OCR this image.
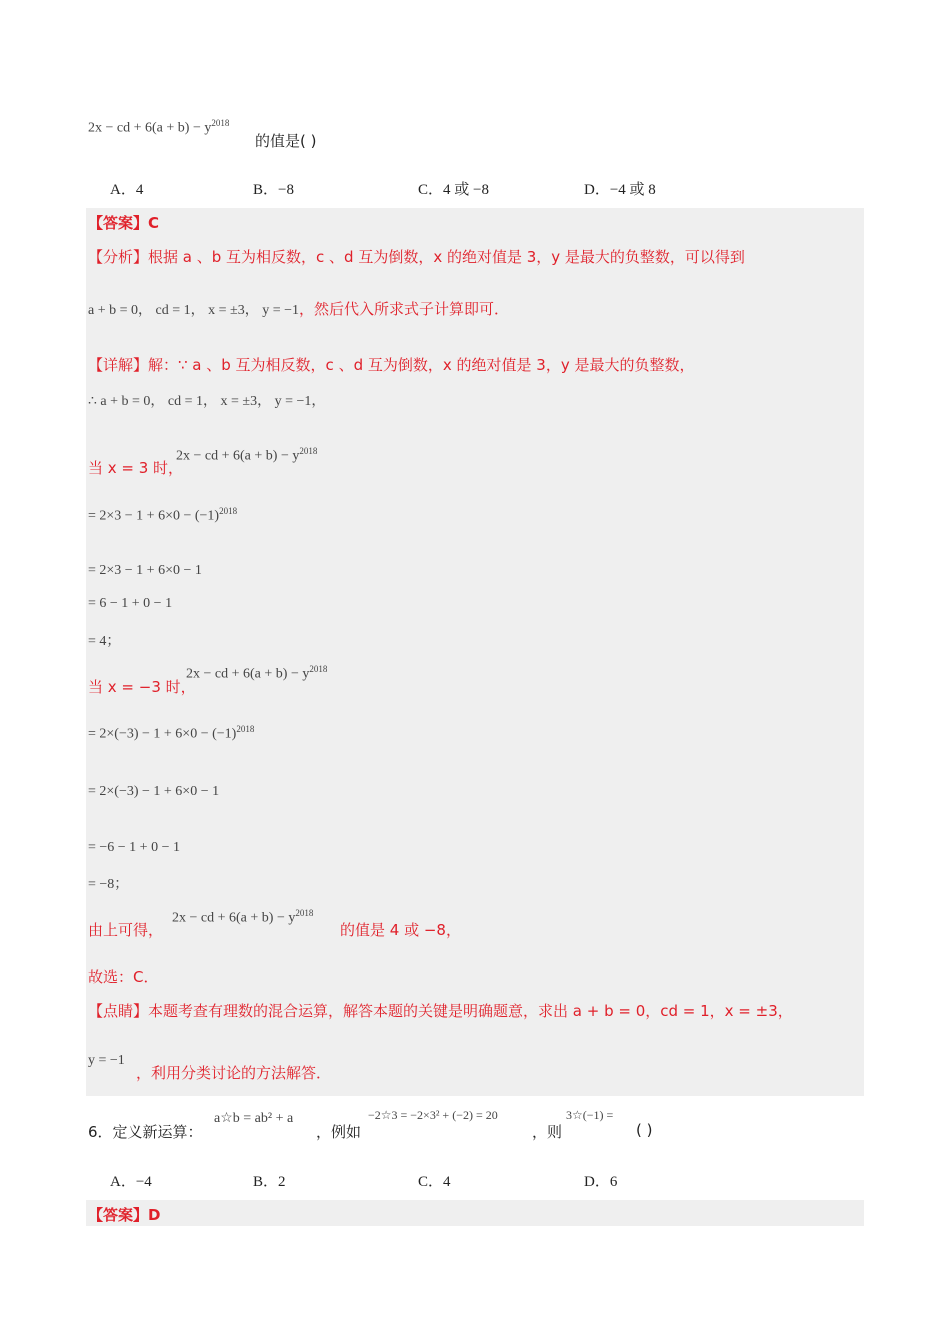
2x − cd + $6(a + b) - y^{2018}$
的值是( )
A．4	B．−8	C．4 或 −8	D．−4 或 8
【答案】C
【分析】根据 a 、b 互为相反数，c 、d 互为倒数，x 的绝对值是 3，y 是最大的负整数，可以得到
a + b = 0， cd = 1， x = ±3， y = −1，然后代入所求式子计算即可．
【详解】解：∵ a 、b 互为相反数，c 、d 互为倒数，x 的绝对值是 3，y 是最大的负整数，
∴ a + b = 0， cd = 1， x = ±3， y = −1，
当 x = 3 时，
2x − cd + $6(a + b) - y^{2018}$
= $2\times 3 - 1 + 6\times 0 - (-1)^{2018}$
= 2×3 − 1 + 6×0 − 1
= 6 − 1 + 0 − 1
= 4；
当 x = −3 时，
2x − cd + $6(a + b) - y^{2018}$
= $2\times(-3) - 1 + 6\times 0 - (-1)^{2018}$
= 2×(−3) − 1 + 6×0 − 1
= −6 − 1 + 0 − 1
= −8；
由上可得，
2x − cd + $6(a + b) - y^{2018}$
的值是 4 或 −8，
故选：C．
【点睛】本题考查有理数的混合运算，解答本题的关键是明确题意，求出 a + b = 0，cd = 1，x = ±3，
y = −1
，利用分类讨论的方法解答．
6．定义新运算：
a☆b = ab² + a
，例如
−2☆3 = −2×3² + (−2) = 20
，则
3☆(−1) =
( )
A．−4	B．2	C．4	D．6
【答案】D
